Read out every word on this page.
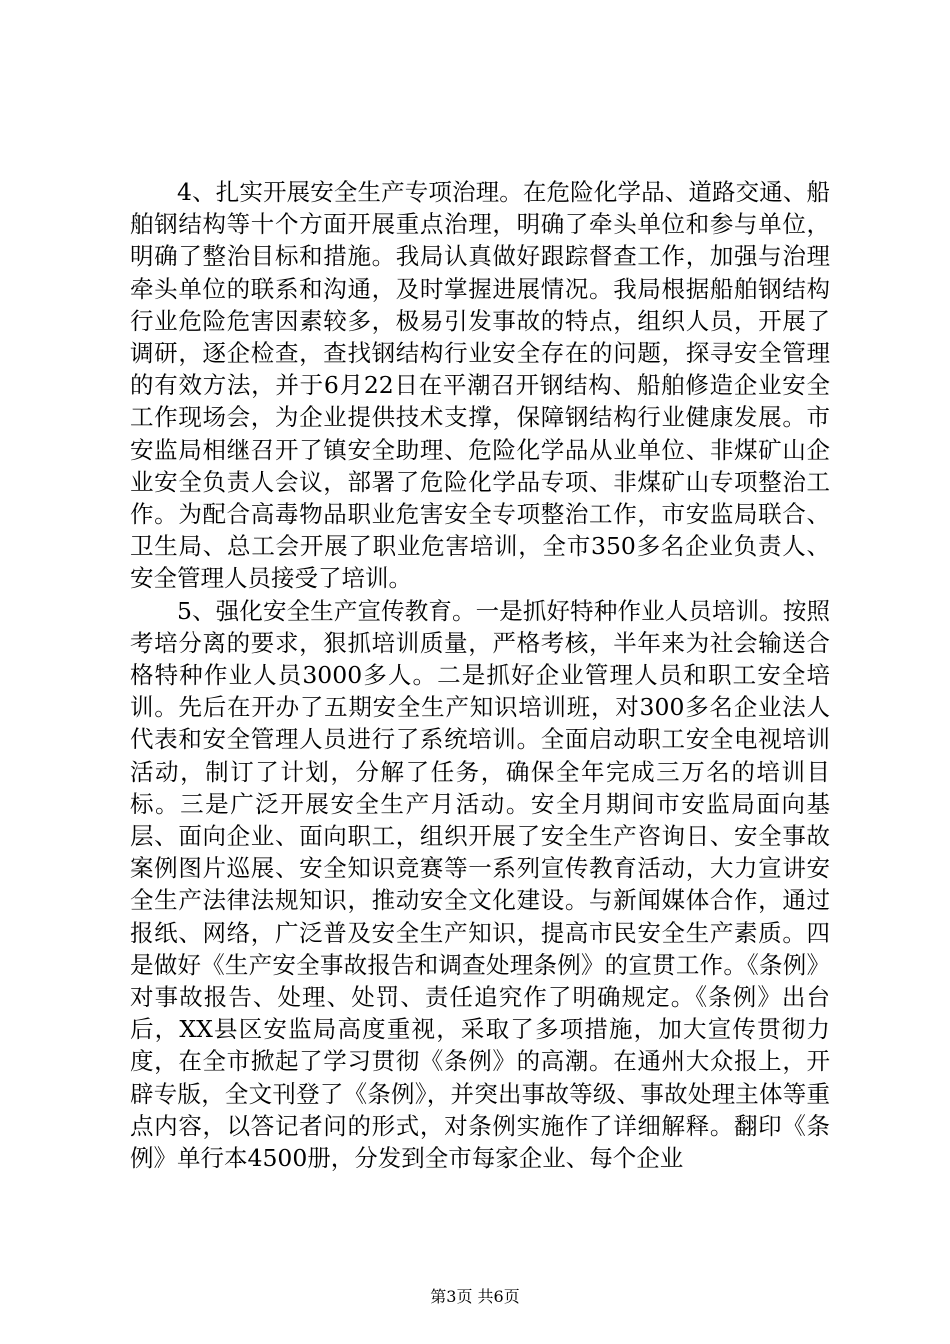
4、扎实开展安全生产专项治理。在危险化学品、道路交通、船舶钢结构等十个方面开展重点治理，明确了牵头单位和参与单位，明确了整治目标和措施。我局认真做好跟踪督查工作，加强与治理牵头单位的联系和沟通，及时掌握进展情况。我局根据船舶钢结构行业危险危害因素较多，极易引发事故的特点，组织人员，开展了调研，逐企检查，查找钢结构行业安全存在的问题，探寻安全管理的有效方法，并于6月22日在平潮召开钢结构、船舶修造企业安全工作现场会，为企业提供技术支撑，保障钢结构行业健康发展。市安监局相继召开了镇安全助理、危险化学品从业单位、非煤矿山企业安全负责人会议，部署了危险化学品专项、非煤矿山专项整治工作。为配合高毒物品职业危害安全专项整治工作，市安监局联合、卫生局、总工会开展了职业危害培训，全市350多名企业负责人、安全管理人员接受了培训。

5、强化安全生产宣传教育。一是抓好特种作业人员培训。按照考培分离的要求，狠抓培训质量，严格考核，半年来为社会输送合格特种作业人员3000多人。二是抓好企业管理人员和职工安全培训。先后在开办了五期安全生产知识培训班，对300多名企业法人代表和安全管理人员进行了系统培训。全面启动职工安全电视培训活动，制订了计划，分解了任务，确保全年完成三万名的培训目标。三是广泛开展安全生产月活动。安全月期间市安监局面向基层、面向企业、面向职工，组织开展了安全生产咨询日、安全事故案例图片巡展、安全知识竞赛等一系列宣传教育活动，大力宣讲安全生产法律法规知识，推动安全文化建设。与新闻媒体合作，通过报纸、网络，广泛普及安全生产知识，提高市民安全生产素质。四是做好《生产安全事故报告和调查处理条例》的宣贯工作。《条例》对事故报告、处理、处罚、责任追究作了明确规定。《条例》出台后，XX县区安监局高度重视，采取了多项措施，加大宣传贯彻力度，在全市掀起了学习贯彻《条例》的高潮。在通州大众报上，开辟专版，全文刊登了《条例》，并突出事故等级、事故处理主体等重点内容，以答记者问的形式，对条例实施作了详细解释。翻印《条例》单行本4500册，分发到全市每家企业、每个企业

第3页 共6页
